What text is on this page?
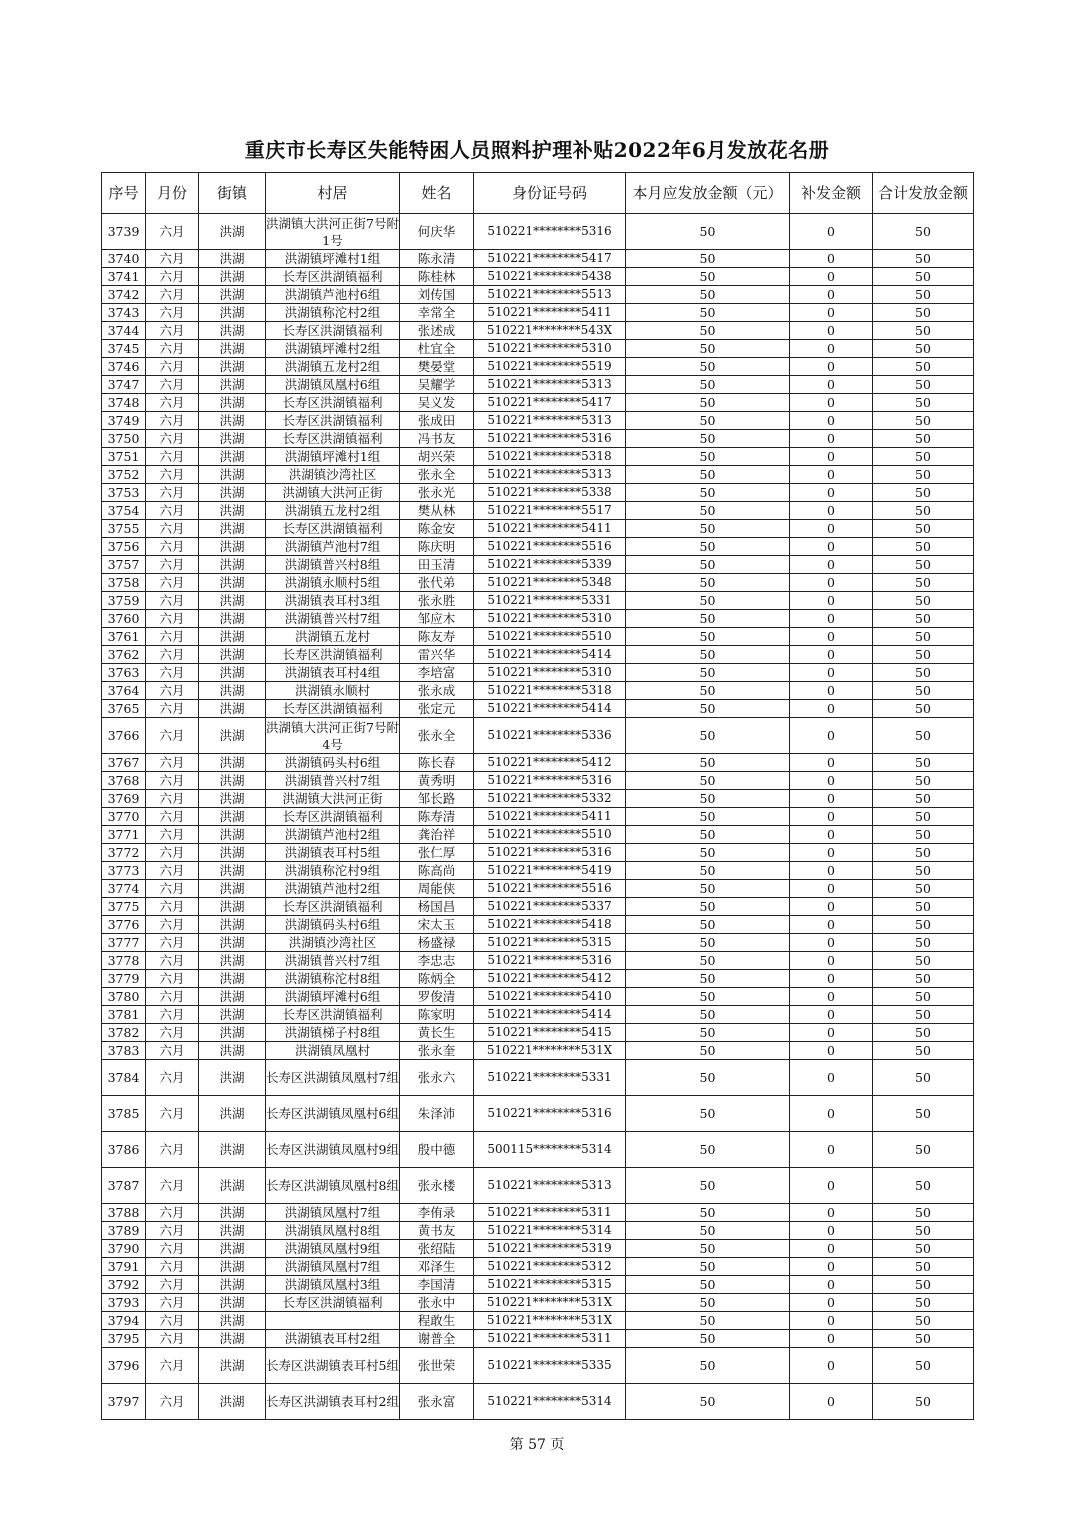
重庆市长寿区失能特困人员照料护理补贴2022年6月发放花名册
序号	月份	街镇	村居	姓名	身份证号码	本月应发放金额（元）	补发金额	合计发放金额
3739	六月	洪湖	洪湖镇大洪河正街7号附1号	何庆华	510221********5316	50	0	50
3740	六月	洪湖	洪湖镇坪滩村1组	陈永清	510221********5417	50	0	50
3741	六月	洪湖	长寿区洪湖镇福利	陈桂林	510221********5438	50	0	50
3742	六月	洪湖	洪湖镇芦池村6组	刘传国	510221********5513	50	0	50
3743	六月	洪湖	洪湖镇称沱村2组	幸常全	510221********5411	50	0	50
3744	六月	洪湖	长寿区洪湖镇福利	张述成	510221********543X	50	0	50
3745	六月	洪湖	洪湖镇坪滩村2组	杜宜全	510221********5310	50	0	50
3746	六月	洪湖	洪湖镇五龙村2组	樊晏堂	510221********5519	50	0	50
3747	六月	洪湖	洪湖镇凤凰村6组	吴耀学	510221********5313	50	0	50
3748	六月	洪湖	长寿区洪湖镇福利	吴义发	510221********5417	50	0	50
3749	六月	洪湖	长寿区洪湖镇福利	张成田	510221********5313	50	0	50
3750	六月	洪湖	长寿区洪湖镇福利	冯书友	510221********5316	50	0	50
3751	六月	洪湖	洪湖镇坪滩村1组	胡兴荣	510221********5318	50	0	50
3752	六月	洪湖	洪湖镇沙湾社区	张永全	510221********5313	50	0	50
3753	六月	洪湖	洪湖镇大洪河正街	张永光	510221********5338	50	0	50
3754	六月	洪湖	洪湖镇五龙村2组	樊从林	510221********5517	50	0	50
3755	六月	洪湖	长寿区洪湖镇福利	陈金安	510221********5411	50	0	50
3756	六月	洪湖	洪湖镇芦池村7组	陈庆明	510221********5516	50	0	50
3757	六月	洪湖	洪湖镇普兴村8组	田玉清	510221********5339	50	0	50
3758	六月	洪湖	洪湖镇永顺村5组	张代弟	510221********5348	50	0	50
3759	六月	洪湖	洪湖镇表耳村3组	张永胜	510221********5331	50	0	50
3760	六月	洪湖	洪湖镇普兴村7组	邹应木	510221********5310	50	0	50
3761	六月	洪湖	洪湖镇五龙村	陈友寿	510221********5510	50	0	50
3762	六月	洪湖	长寿区洪湖镇福利	雷兴华	510221********5414	50	0	50
3763	六月	洪湖	洪湖镇表耳村4组	李培富	510221********5310	50	0	50
3764	六月	洪湖	洪湖镇永顺村	张永成	510221********5318	50	0	50
3765	六月	洪湖	长寿区洪湖镇福利	张定元	510221********5414	50	0	50
3766	六月	洪湖	洪湖镇大洪河正街7号附4号	张永全	510221********5336	50	0	50
3767	六月	洪湖	洪湖镇码头村6组	陈长春	510221********5412	50	0	50
3768	六月	洪湖	洪湖镇普兴村7组	黄秀明	510221********5316	50	0	50
3769	六月	洪湖	洪湖镇大洪河正街	邹长路	510221********5332	50	0	50
3770	六月	洪湖	长寿区洪湖镇福利	陈寿清	510221********5411	50	0	50
3771	六月	洪湖	洪湖镇芦池村2组	龚治祥	510221********5510	50	0	50
3772	六月	洪湖	洪湖镇表耳村5组	张仁厚	510221********5316	50	0	50
3773	六月	洪湖	洪湖镇称沱村9组	陈高尚	510221********5419	50	0	50
3774	六月	洪湖	洪湖镇芦池村2组	周能侠	510221********5516	50	0	50
3775	六月	洪湖	长寿区洪湖镇福利	杨国昌	510221********5337	50	0	50
3776	六月	洪湖	洪湖镇码头村6组	宋太玉	510221********5418	50	0	50
3777	六月	洪湖	洪湖镇沙湾社区	杨盛禄	510221********5315	50	0	50
3778	六月	洪湖	洪湖镇普兴村7组	李忠志	510221********5316	50	0	50
3779	六月	洪湖	洪湖镇称沱村8组	陈炳全	510221********5412	50	0	50
3780	六月	洪湖	洪湖镇坪滩村6组	罗俊清	510221********5410	50	0	50
3781	六月	洪湖	长寿区洪湖镇福利	陈家明	510221********5414	50	0	50
3782	六月	洪湖	洪湖镇梯子村8组	黄长生	510221********5415	50	0	50
3783	六月	洪湖	洪湖镇凤凰村	张永奎	510221********531X	50	0	50
3784	六月	洪湖	长寿区洪湖镇凤凰村7组	张永六	510221********5331	50	0	50
3785	六月	洪湖	长寿区洪湖镇凤凰村6组	朱泽沛	510221********5316	50	0	50
3786	六月	洪湖	长寿区洪湖镇凤凰村9组	殷中德	500115********5314	50	0	50
3787	六月	洪湖	长寿区洪湖镇凤凰村8组	张永楼	510221********5313	50	0	50
3788	六月	洪湖	洪湖镇凤凰村7组	李侑录	510221********5311	50	0	50
3789	六月	洪湖	洪湖镇凤凰村8组	黄书友	510221********5314	50	0	50
3790	六月	洪湖	洪湖镇凤凰村9组	张绍陆	510221********5319	50	0	50
3791	六月	洪湖	洪湖镇凤凰村7组	邓泽生	510221********5312	50	0	50
3792	六月	洪湖	洪湖镇凤凰村3组	李国清	510221********5315	50	0	50
3793	六月	洪湖	长寿区洪湖镇福利	张永中	510221********531X	50	0	50
3794	六月	洪湖		程敢生	510221********531X	50	0	50
3795	六月	洪湖	洪湖镇表耳村2组	谢普全	510221********5311	50	0	50
3796	六月	洪湖	长寿区洪湖镇表耳村5组	张世荣	510221********5335	50	0	50
3797	六月	洪湖	长寿区洪湖镇表耳村2组	张永富	510221********5314	50	0	50
第 57 页
